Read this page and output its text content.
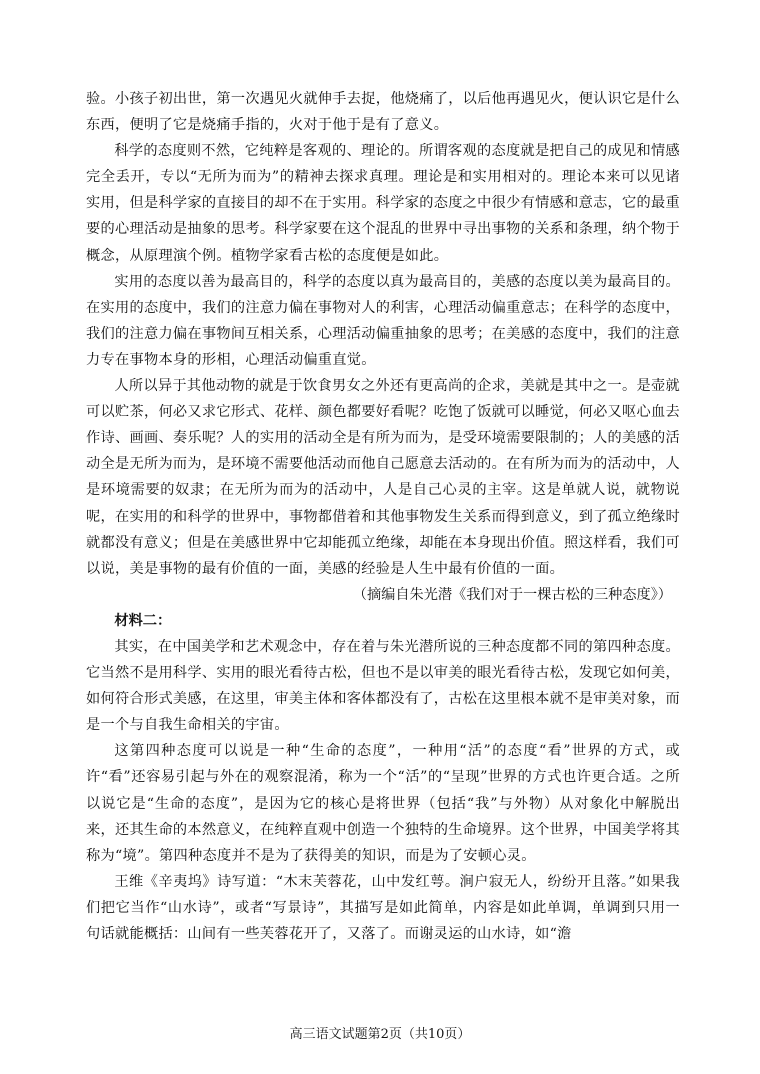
验。小孩子初出世，第一次遇见火就伸手去捉，他烧痛了，以后他再遇见火，便认识它是什么东西，便明了它是烧痛手指的，火对于他于是有了意义。

科学的态度则不然，它纯粹是客观的、理论的。所谓客观的态度就是把自己的成见和情感完全丢开，专以“无所为而为”的精神去探求真理。理论是和实用相对的。理论本来可以见诸实用，但是科学家的直接目的却不在于实用。科学家的态度之中很少有情感和意志，它的最重要的心理活动是抽象的思考。科学家要在这个混乱的世界中寻出事物的关系和条理，纳个物于概念，从原理演个例。植物学家看古松的态度便是如此。

实用的态度以善为最高目的，科学的态度以真为最高目的，美感的态度以美为最高目的。在实用的态度中，我们的注意力偏在事物对人的利害，心理活动偏重意志；在科学的态度中，我们的注意力偏在事物间互相关系，心理活动偏重抽象的思考；在美感的态度中，我们的注意力专在事物本身的形相，心理活动偏重直觉。

人所以异于其他动物的就是于饮食男女之外还有更高尚的企求，美就是其中之一。是壶就可以贮茶，何必又求它形式、花样、颜色都要好看呢？吃饱了饭就可以睡觉，何必又呕心血去作诗、画画、奏乐呢？人的实用的活动全是有所为而为，是受环境需要限制的；人的美感的活动全是无所为而为，是环境不需要他活动而他自己愿意去活动的。在有所为而为的活动中，人是环境需要的奴隶；在无所为而为的活动中，人是自己心灵的主宰。这是单就人说，就物说呢，在实用的和科学的世界中，事物都借着和其他事物发生关系而得到意义，到了孤立绝缘时就都没有意义；但是在美感世界中它却能孤立绝缘，却能在本身现出价值。照这样看，我们可以说，美是事物的最有价值的一面，美感的经验是人生中最有价值的一面。

（摘编自朱光潜《我们对于一棵古松的三种态度》）

材料二：

其实，在中国美学和艺术观念中，存在着与朱光潜所说的三种态度都不同的第四种态度。它当然不是用科学、实用的眼光看待古松，但也不是以审美的眼光看待古松，发现它如何美，如何符合形式美感，在这里，审美主体和客体都没有了，古松在这里根本就不是审美对象，而是一个与自我生命相关的宇宙。

这第四种态度可以说是一种“生命的态度”，一种用“活”的态度“看”世界的方式，或许“看”还容易引起与外在的观察混淆，称为一个“活”的“呈现”世界的方式也许更合适。之所以说它是“生命的态度”，是因为它的核心是将世界（包括“我”与外物）从对象化中解脱出来，还其生命的本然意义，在纯粹直观中创造一个独特的生命境界。这个世界，中国美学将其称为“境”。第四种态度并不是为了获得美的知识，而是为了安顿心灵。

王维《辛夷坞》诗写道：“木末芙蓉花，山中发红萼。涧户寂无人，纷纷开且落。”如果我们把它当作“山水诗”，或者“写景诗”，其描写是如此简单，内容是如此单调，单调到只用一句话就能概括：山间有一些芙蓉花开了，又落了。而谢灵运的山水诗，如“澹

高三语文试题第2页（共10页）
